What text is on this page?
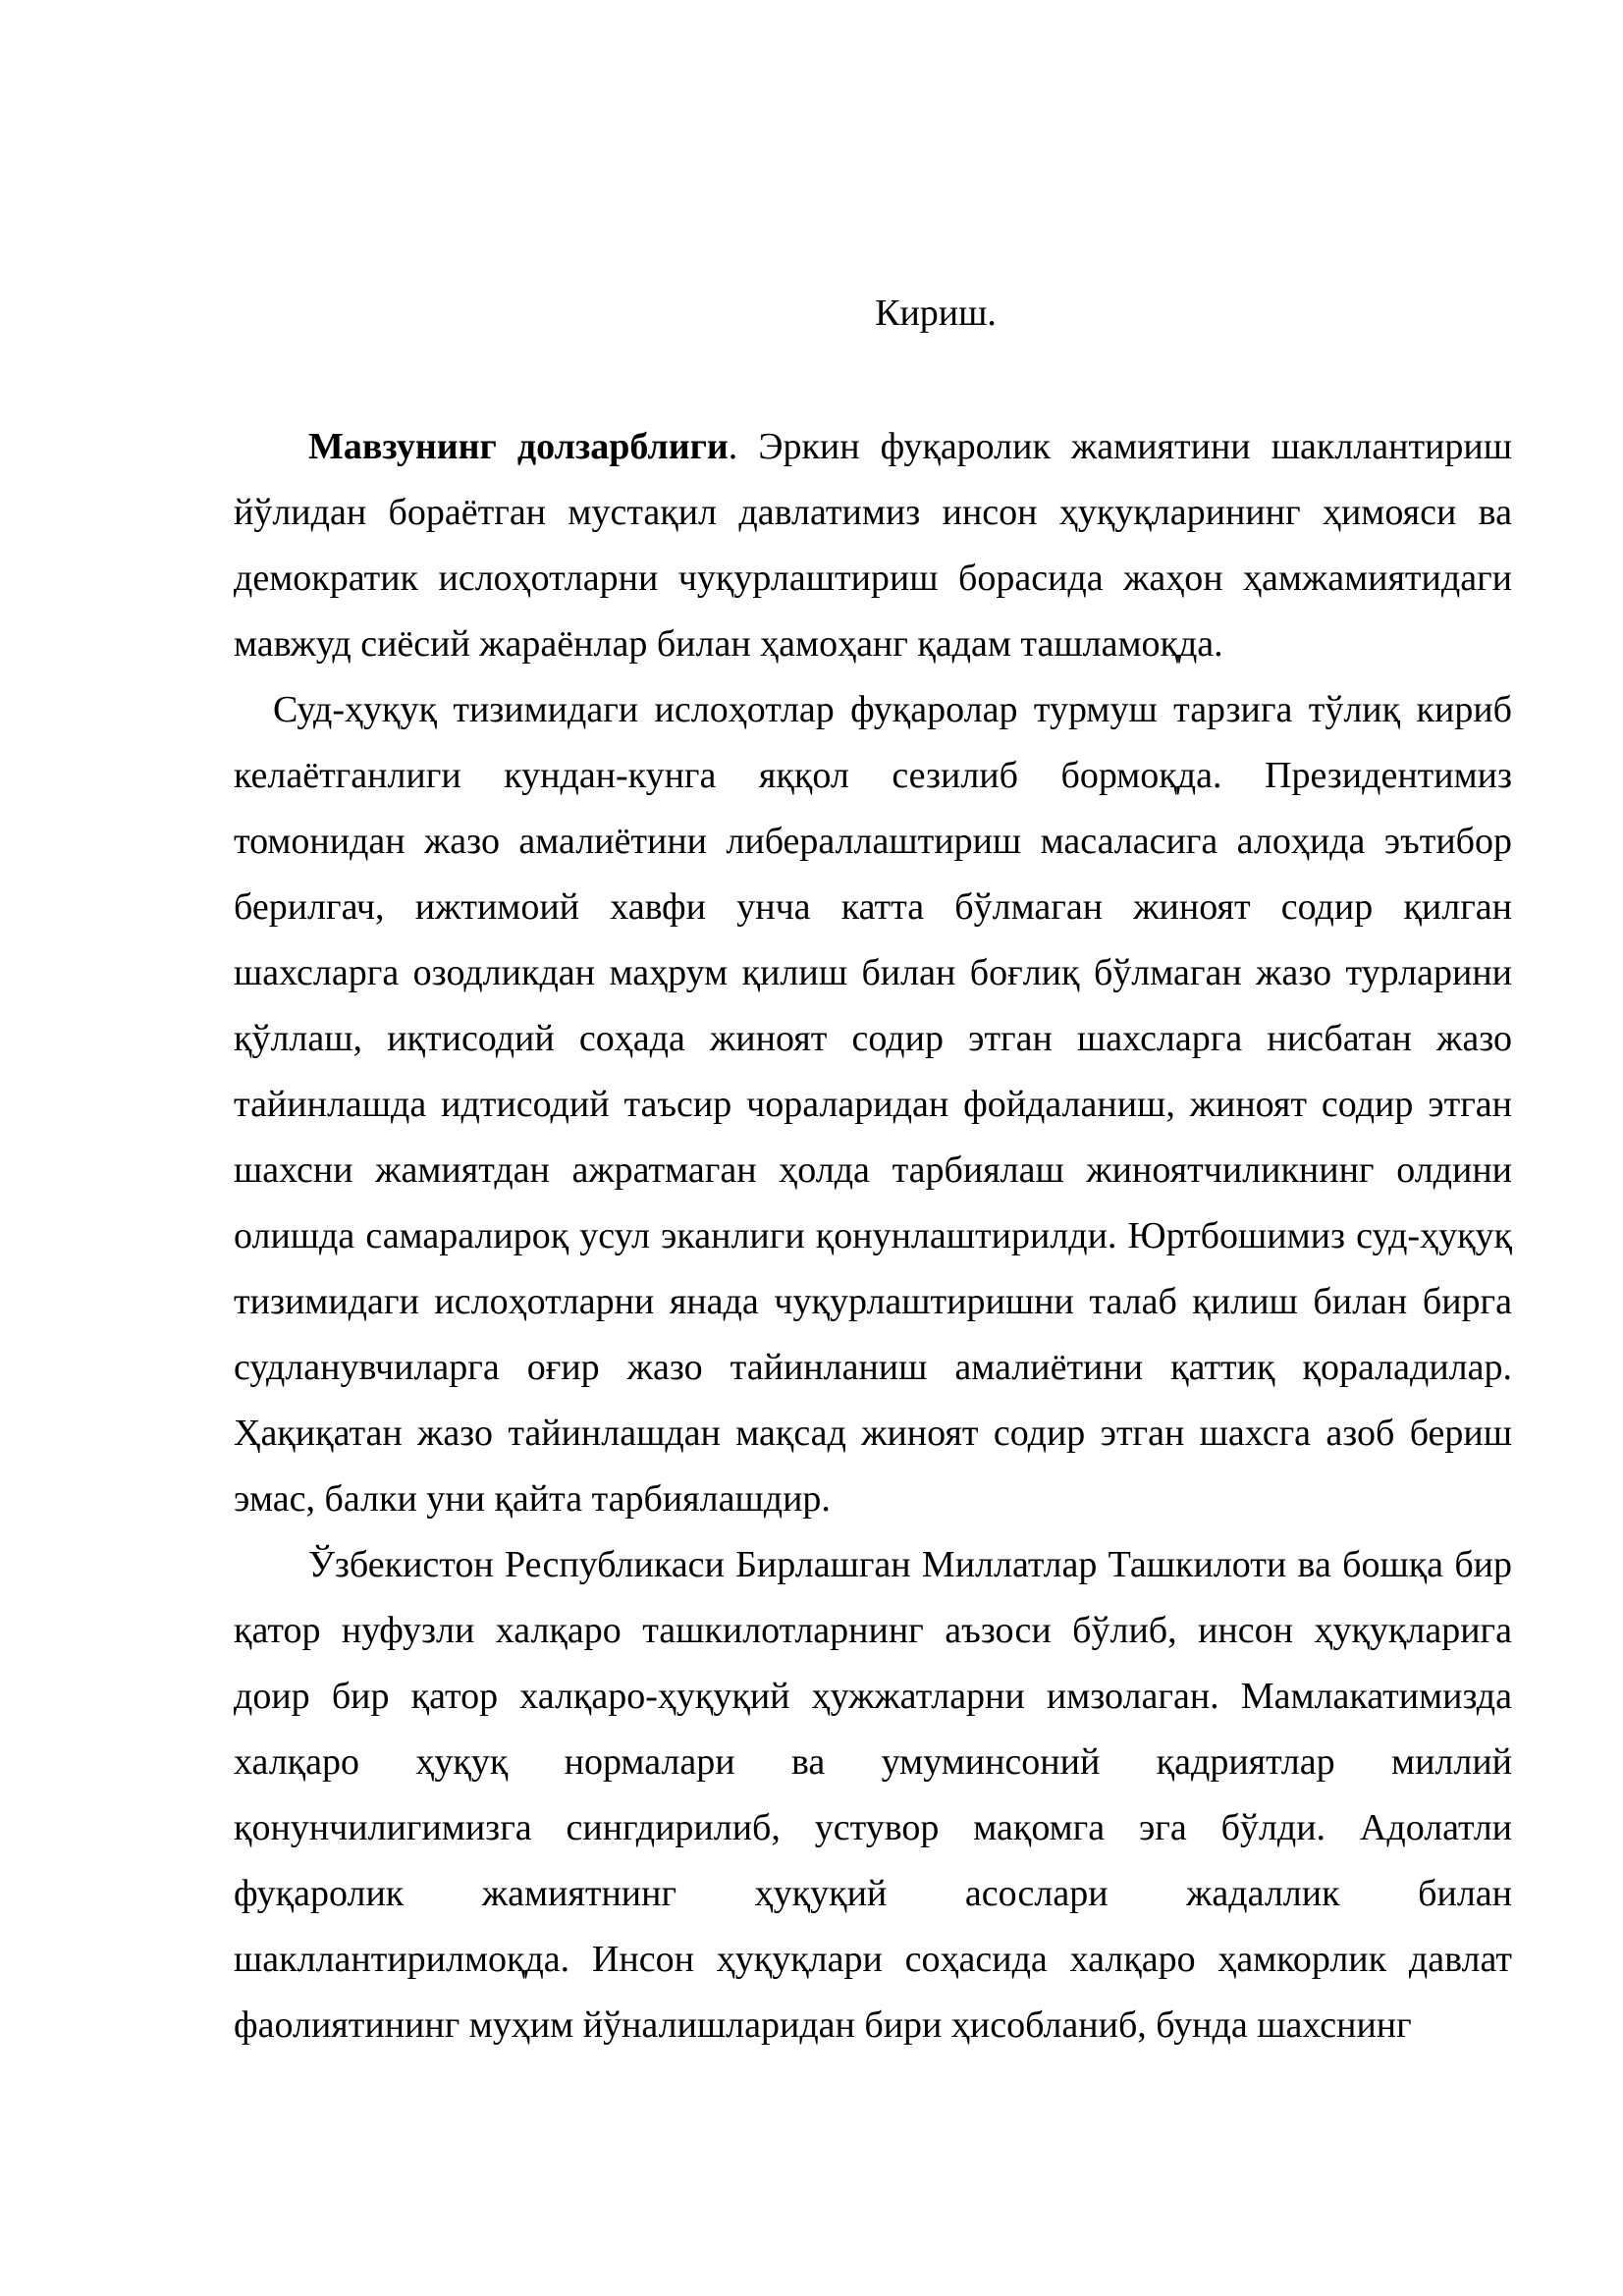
Кириш.

Мавзунинг долзарблиги. Эркин фуқаролик жамиятини шакллантириш йўлидан бораётган мустақил давлатимиз инсон ҳуқуқларининг ҳимояси ва демократик ислоҳотларни чуқурлаштириш борасида жаҳон ҳамжамиятидаги мавжуд сиёсий жараёнлар билан ҳамоҳанг қадам ташламоқда.

Суд-ҳуқуқ тизимидаги ислоҳотлар фуқаролар турмуш тарзига тўлиқ кириб келаётганлиги кундан-кунга яққол сезилиб бормоқда. Президентимиз томонидан жазо амалиётини либераллаштириш масаласига алоҳида эътибор берилгач, ижтимоий хавфи унча катта бўлмаган жиноят содир қилган шахсларга озодликдан маҳрум қилиш билан боғлиқ бўлмаган жазо турларини қўллаш, иқтисодий соҳада жиноят содир этган шахсларга нисбатан жазо тайинлашда идтисодий таъсир чораларидан фойдаланиш, жиноят содир этган шахсни жамиятдан ажратмаган ҳолда тарбиялаш жиноятчиликнинг олдини олишда самаралироқ усул эканлиги қонунлаштирилди. Юртбошимиз суд-ҳуқуқ тизимидаги ислоҳотларни янада чуқурлаштиришни талаб қилиш билан бирга судланувчиларга оғир жазо тайинланиш амалиётини қаттиқ қораладилар. Ҳақиқатан жазо тайинлашдан мақсад жиноят содир этган шахсга азоб бериш эмас, балки уни қайта тарбиялашдир.

Ўзбекистон Республикаси Бирлашган Миллатлар Ташкилоти ва бошқа бир қатор нуфузли халқаро ташкилотларнинг аъзоси бўлиб, инсон ҳуқуқларига доир бир қатор халқаро-ҳуқуқий ҳужжатларни имзолаган. Мамлакатимизда халқаро ҳуқуқ нормалари ва умуминсоний қадриятлар миллий қонунчилигимизга сингдирилиб, устувор мақомга эга бўлди. Адолатли фуқаролик жамиятнинг ҳуқуқий асослари жадаллик билан шакллантирилмоқда. Инсон ҳуқуқлари соҳасида халқаро ҳамкорлик давлат фаолиятининг муҳим йўналишларидан бири ҳисобланиб, бунда шахснинг
